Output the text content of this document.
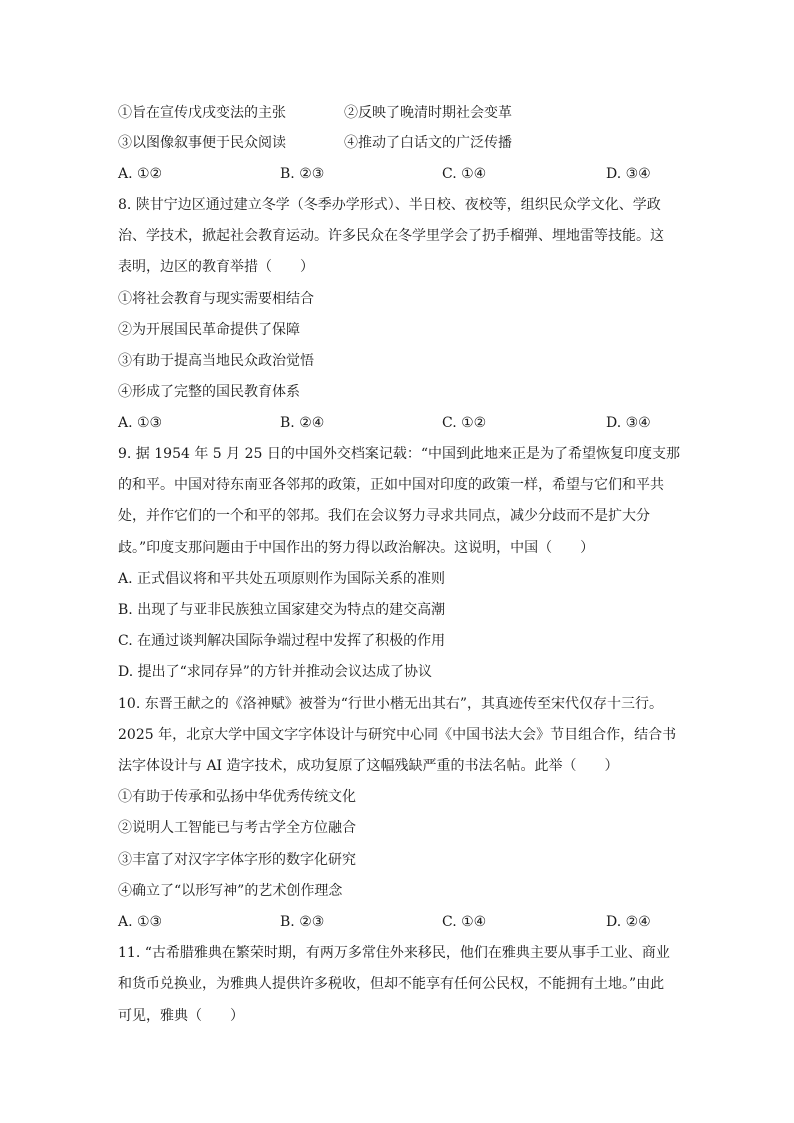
①旨在宣传戊戌变法的主张	②反映了晚清时期社会变革
③以图像叙事便于民众阅读	④推动了白话文的广泛传播
A. ①②	B. ②③	C. ①④	D. ③④
8. 陕甘宁边区通过建立冬学（冬季办学形式）、半日校、夜校等，组织民众学文化、学政
治、学技术，掀起社会教育运动。许多民众在冬学里学会了扔手榴弹、埋地雷等技能。这
表明，边区的教育举措（　　）
①将社会教育与现实需要相结合
②为开展国民革命提供了保障
③有助于提高当地民众政治觉悟
④形成了完整的国民教育体系
A. ①③	B. ②④	C. ①②	D. ③④
9. 据 1954 年 5 月 25 日的中国外交档案记载：“中国到此地来正是为了希望恢复印度支那
的和平。中国对待东南亚各邻邦的政策，正如中国对印度的政策一样，希望与它们和平共
处，并作它们的一个和平的邻邦。我们在会议努力寻求共同点，减少分歧而不是扩大分
歧。”印度支那问题由于中国作出的努力得以政治解决。这说明，中国（　　）
A. 正式倡议将和平共处五项原则作为国际关系的准则
B. 出现了与亚非民族独立国家建交为特点的建交高潮
C. 在通过谈判解决国际争端过程中发挥了积极的作用
D. 提出了“求同存异”的方针并推动会议达成了协议
10. 东晋王献之的《洛神赋》被誉为“行世小楷无出其右”，其真迹传至宋代仅存十三行。
2025 年，北京大学中国文字字体设计与研究中心同《中国书法大会》节目组合作，结合书
法字体设计与 AI 造字技术，成功复原了这幅残缺严重的书法名帖。此举（　　）
①有助于传承和弘扬中华优秀传统文化
②说明人工智能已与考古学全方位融合
③丰富了对汉字字体字形的数字化研究
④确立了“以形写神”的艺术创作理念
A. ①③	B. ②③	C. ①④	D. ②④
11. “古希腊雅典在繁荣时期，有两万多常住外来移民，他们在雅典主要从事手工业、商业
和货币兑换业，为雅典人提供许多税收，但却不能享有任何公民权，不能拥有土地。”由此
可见，雅典（　　）
